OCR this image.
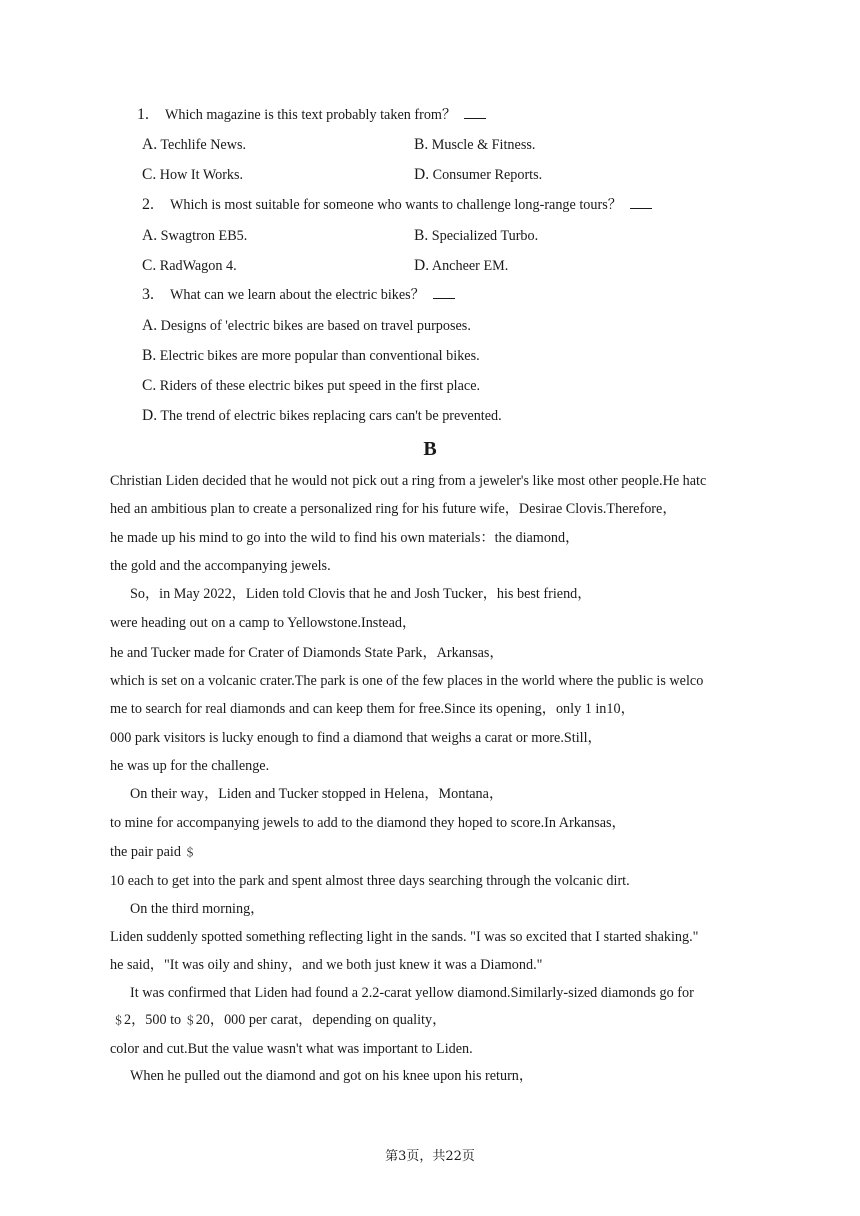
1. Which magazine is this text probably taken from？
A. Techlife News.	B. Muscle & Fitness.
C. How It Works.	D. Consumer Reports.
2. Which is most suitable for someone who wants to challenge long-range tours？
A. Swagtron EB5.	B. Specialized Turbo.
C. RadWagon 4.	D. Ancheer EM.
3. What can we learn about the electric bikes？
A. Designs of 'electric bikes are based on travel purposes.
B. Electric bikes are more popular than conventional bikes.
C. Riders of these electric bikes put speed in the first place.
D. The trend of electric bikes replacing cars can't be prevented.
B
Christian Liden decided that he would not pick out a ring from a jeweler's like most other people.He hatc
hed an ambitious plan to create a personalized ring for his future wife，Desirae Clovis.Therefore，
he made up his mind to go into the wild to find his own materials：the diamond，
the gold and the accompanying jewels.
So，in May 2022，Liden told Clovis that he and Josh Tucker，his best friend，
were heading out on a camp to Yellowstone.Instead，
he and Tucker made for Crater of Diamonds State Park，Arkansas，
which is set on a volcanic crater.The park is one of the few places in the world where the public is welco
me to search for real diamonds and can keep them for free.Since its opening，only 1 in10，
000 park visitors is lucky enough to find a diamond that weighs a carat or more.Still，
he was up for the challenge.
On their way，Liden and Tucker stopped in Helena，Montana，
to mine for accompanying jewels to add to the diamond they hoped to score.In Arkansas，
the pair paid ＄
10 each to get into the park and spent almost three days searching through the volcanic dirt.
On the third morning，
Liden suddenly spotted something reflecting light in the sands. "I was so excited that I started shaking."
he said，"It was oily and shiny，and we both just knew it was a Diamond."
It was confirmed that Liden had found a 2.2-carat yellow diamond.Similarly-sized diamonds go for
＄2，500 to ＄20，000 per carat，depending on quality，
color and cut.But the value wasn't what was important to Liden.
When he pulled out the diamond and got on his knee upon his return，
第3页，共22页
